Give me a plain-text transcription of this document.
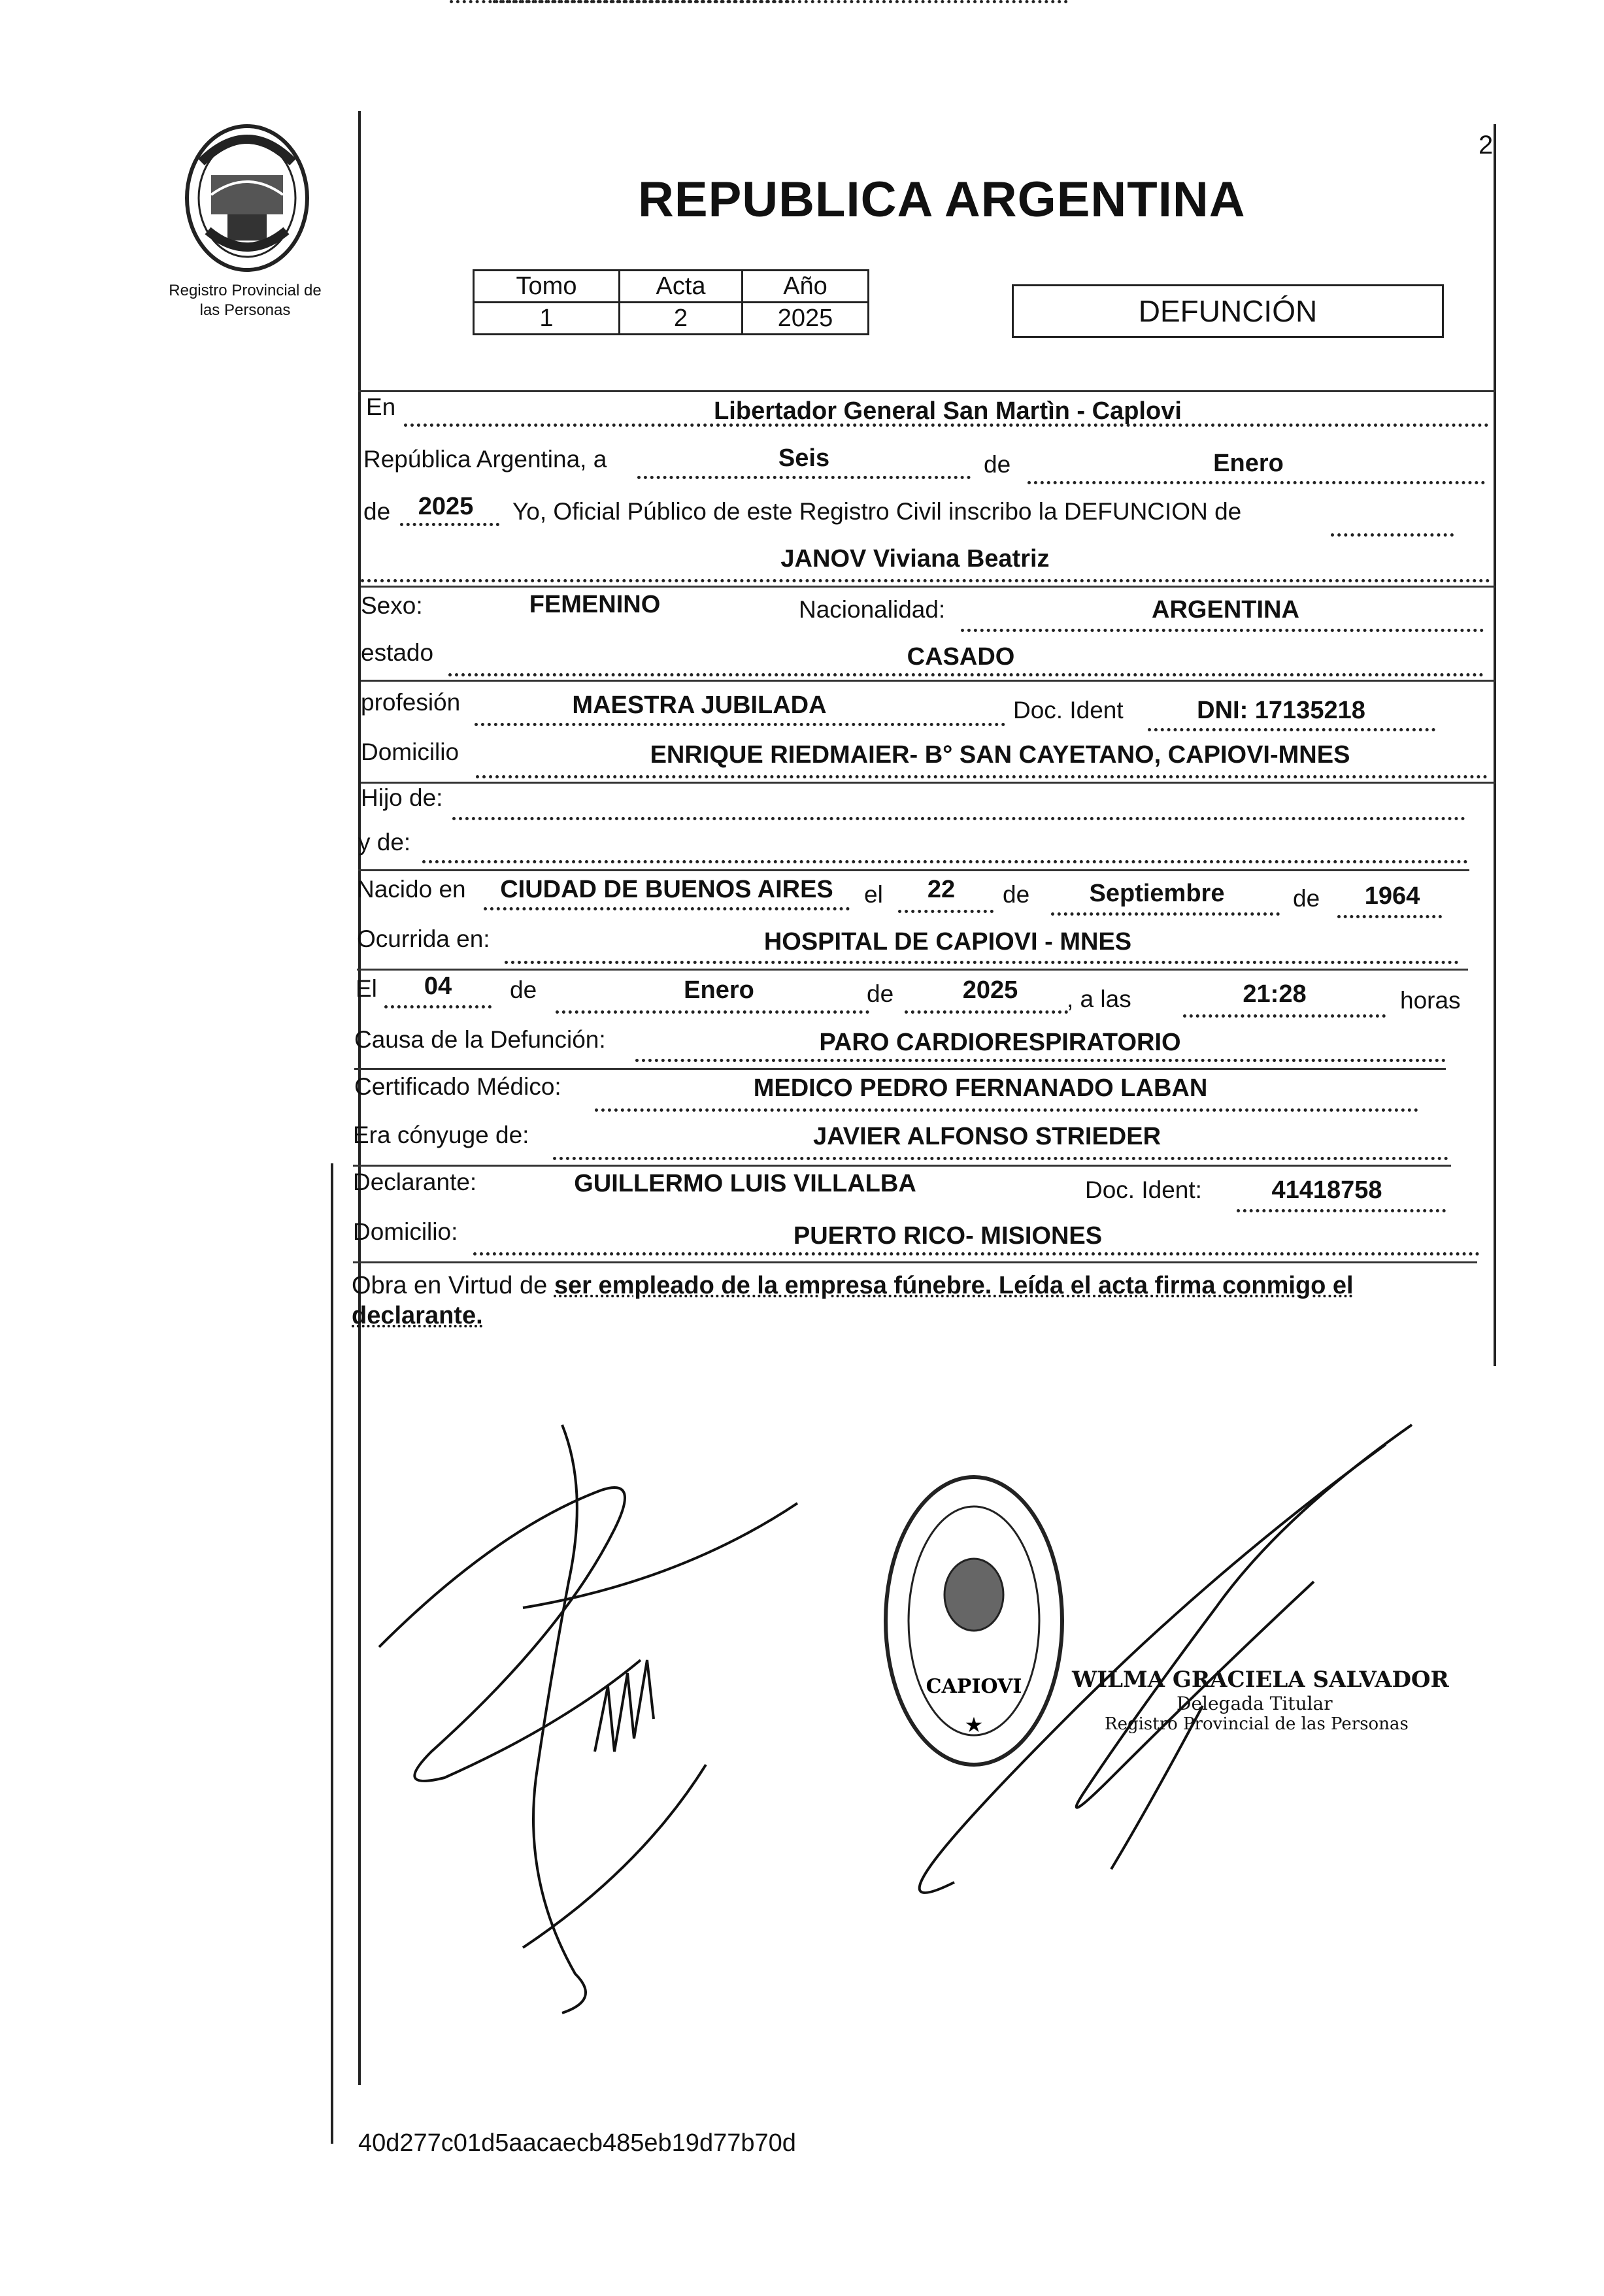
2
Registro Provincial de
las Personas
REPUBLICA ARGENTINA
Tomo	Acta	Año
1	2	2025	DEFUNCIÓN
En	Libertador General San Martìn - Caplovi
República Argentina, a	Seis	de	Enero
de	2025	Yo, Oficial Público de este Registro Civil inscribo la DEFUNCION de
JANOV Viviana Beatriz
Sexo:	FEMENINO	Nacionalidad:	ARGENTINA
estado	CASADO
profesión	MAESTRA JUBILADA	Doc. Ident	DNI: 17135218
Domicilio	ENRIQUE RIEDMAIER- B° SAN CAYETANO, CAPIOVI-MNES
Hijo de:
y de:
Nacido en	CIUDAD DE BUENOS AIRES	el	22	de	Septiembre	de	1964
Ocurrida en:	HOSPITAL DE CAPIOVI - MNES
El	04	de	Enero	de	2025	, a las	21:28	horas
Causa de la Defunción:	PARO CARDIORESPIRATORIO
Certificado Médico:	MEDICO PEDRO FERNANADO LABAN
Era cónyuge de:	JAVIER ALFONSO STRIEDER
Declarante:	GUILLERMO LUIS VILLALBA	Doc. Ident:	41418758
Domicilio:	PUERTO RICO- MISIONES
Obra en Virtud de ser empleado de la empresa fúnebre. Leída el acta firma conmigo el declarante.
CAPIOVI
★
WILMA GRACIELA SALVADOR
Delegada Titular
Registro Provincial de las Personas
40d277c01d5aacaecb485eb19d77b70d
